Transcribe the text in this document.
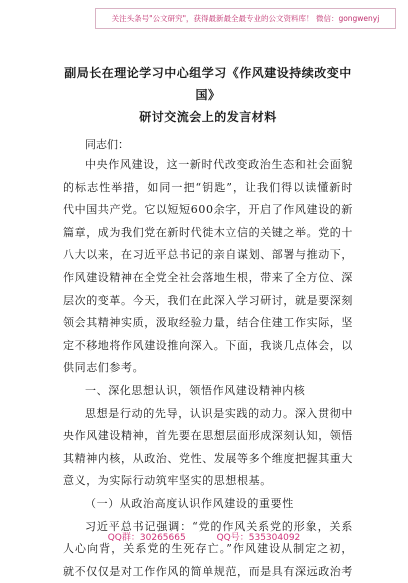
关注头条号"公文研究"，获得最新最全最专业的公文资料库！ 微信：gongwenyj

副局长在理论学习中心组学习《作风建设持续改变中国》

研讨交流会上的发言材料

同志们：

中央作风建设，这一新时代改变政治生态和社会面貌的标志性举措，如同一把“钥匙”，让我们得以读懂新时代中国共产党。它以短短600余字，开启了作风建设的新篇章，成为我们党在新时代徙木立信的关键之举。党的十八大以来，在习近平总书记的亲自谋划、部署与推动下，作风建设精神在全党全社会落地生根，带来了全方位、深层次的变革。今天，我们在此深入学习研讨，就是要深刻领会其精神实质，汲取经验力量，结合住建工作实际，坚定不移地将作风建设推向深入。下面，我谈几点体会，以供同志们参考。

一、深化思想认识，领悟作风建设精神内核

思想是行动的先导，认识是实践的动力。深入贯彻中央作风建设精神，首先要在思想层面形成深刻认知，领悟其精神内核，从政治、党性、发展等多个维度把握其重大意义，为实际行动筑牢坚实的思想根基。

（一）从政治高度认识作风建设的重要性

习近平总书记强调：“党的作风关系党的形象，关系人心向背，关系党的生死存亡。”作风建设从制定之初，就不仅仅是对工作作风的简单规范，而是具有深远政治考

QQ群：30265665	QQ号：535304092
